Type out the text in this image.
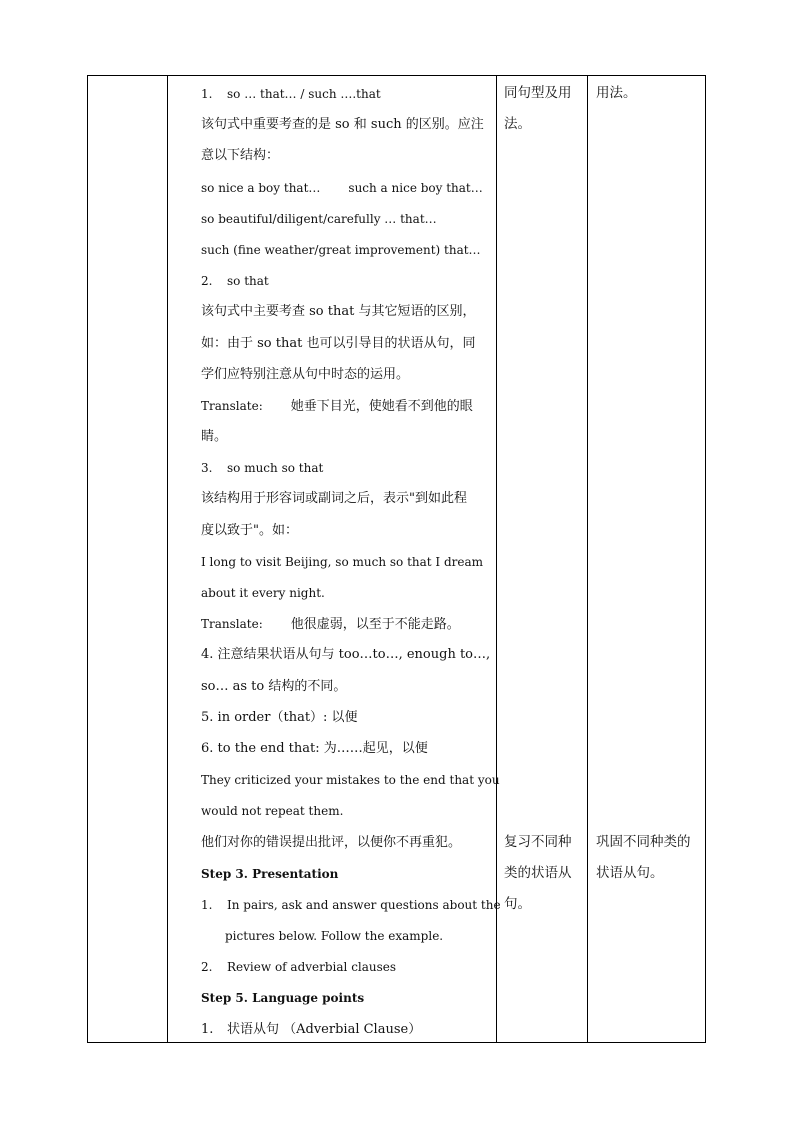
1. so … that… / such ….that
该句式中重要考查的是 so 和 such 的区别。应注
意以下结构：
so nice a boy that… such a nice boy that…
so beautiful/diligent/carefully … that…
such (fine weather/great improvement) that…
2. so that
该句式中主要考查 so that 与其它短语的区别，
如：由于 so that 也可以引导目的状语从句，同
学们应特别注意从句中时态的运用。
Translate: 她垂下目光，使她看不到他的眼
睛。
3. so much so that
该结构用于形容词或副词之后，表示"到如此程
度以致于"。如：
I long to visit Beijing, so much so that I dream
about it every night.
Translate: 他很虚弱，以至于不能走路。
4. 注意结果状语从句与 too…to…, enough to…,
so… as to 结构的不同。
5. in order（that）: 以便
6. to the end that: 为……起见，以便
They criticized your mistakes to the end that you
would not repeat them.
他们对你的错误提出批评，以便你不再重犯。
Step 3. Presentation
1. In pairs, ask and answer questions about the
pictures below. Follow the example.
2. Review of adverbial clauses
Step 5. Language points
1. 状语从句 （Adverbial Clause）
同句型及用
法。
复习不同种
类的状语从
句。
用法。
巩固不同种类的
状语从句。
